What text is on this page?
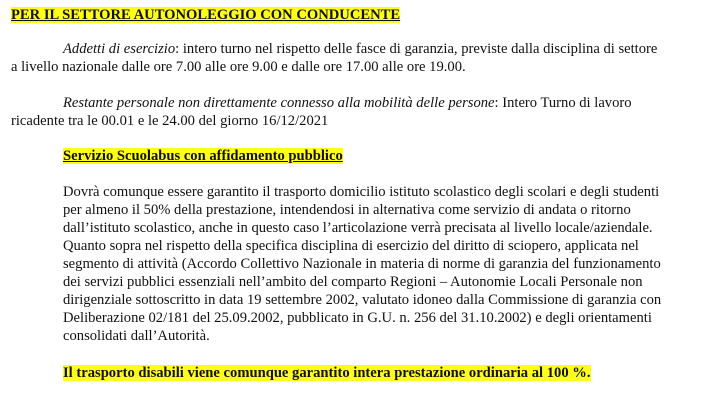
PER IL SETTORE AUTONOLEGGIO CON CONDUCENTE
Addetti di esercizio: intero turno nel rispetto delle fasce di garanzia, previste dalla disciplina di settore
a livello nazionale dalle ore 7.00 alle ore 9.00 e dalle ore 17.00 alle ore 19.00.
Restante personale non direttamente connesso alla mobilità delle persone: Intero Turno di lavoro
ricadente tra le 00.01 e le 24.00 del giorno 16/12/2021
Servizio Scuolabus con affidamento pubblico
Dovrà comunque essere garantito il trasporto domicilio istituto scolastico degli scolari e degli studenti
per almeno il 50% della prestazione, intendendosi in alternativa come servizio di andata o ritorno
dall’istituto scolastico, anche in questo caso l’articolazione verrà precisata al livello locale/aziendale.
Quanto sopra nel rispetto della specifica disciplina di esercizio del diritto di sciopero, applicata nel
segmento di attività (Accordo Collettivo Nazionale in materia di norme di garanzia del funzionamento
dei servizi pubblici essenziali nell’ambito del comparto Regioni – Autonomie Locali Personale non
dirigenziale sottoscritto in data 19 settembre 2002, valutato idoneo dalla Commissione di garanzia con
Deliberazione 02/181 del 25.09.2002, pubblicato in G.U. n. 256 del 31.10.2002) e degli orientamenti
consolidati dall’Autorità.
Il trasporto disabili viene comunque garantito intera prestazione ordinaria al 100 %.
